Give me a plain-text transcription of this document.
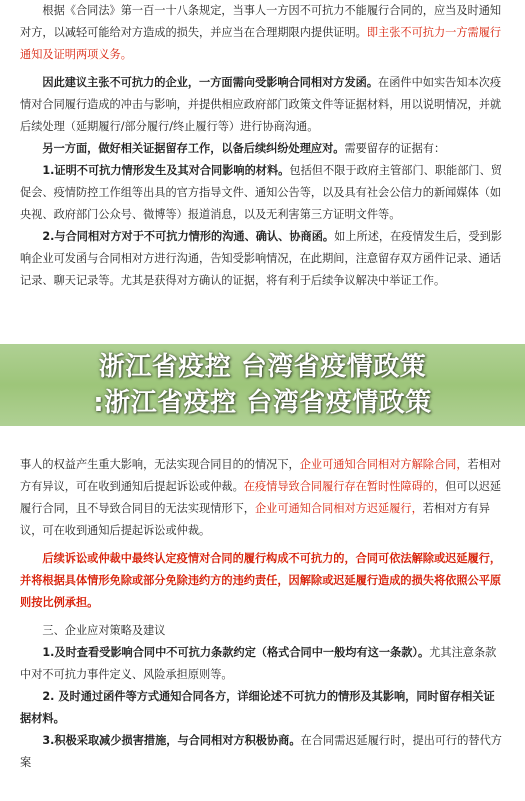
根据《合同法》第一百一十八条规定，当事人一方因不可抗力不能履行合同的，应当及时通知对方，以减轻可能给对方造成的损失，并应当在合理期限内提供证明。即主张不可抗力一方需履行通知及证明两项义务。

因此建议主张不可抗力的企业，一方面需向受影响合同相对方发函。在函件中如实告知本次疫情对合同履行造成的冲击与影响，并提供相应政府部门政策文件等证据材料，用以说明情况，并就后续处理（延期履行/部分履行/终止履行等）进行协商沟通。

另一方面，做好相关证据留存工作，以备后续纠纷处理应对。需要留存的证据有：

1.证明不可抗力情形发生及其对合同影响的材料。包括但不限于政府主管部门、职能部门、贸促会、疫情防控工作组等出具的官方指导文件、通知公告等，以及具有社会公信力的新闻媒体（如央视、政府部门公众号、微博等）报道消息，以及无利害第三方证明文件等。

2.与合同相对方对于不可抗力情形的沟通、确认、协商函。如上所述，在疫情发生后，受到影响企业可发函与合同相对方进行沟通，告知受影响情况，在此期间，注意留存双方函件记录、通话记录、聊天记录等。尤其是获得对方确认的证据，将有利于后续争议解决中举证工作。

事人的权益产生重大影响，无法实现合同目的的情况下，企业可通知合同相对方解除合同，若相对方有异议，可在收到通知后提起诉讼或仲裁。在疫情导致合同履行存在暂时性障碍的，但可以迟延履行合同，且不导致合同目的无法实现情形下，企业可通知合同相对方迟延履行，若相对方有异议，可在收到通知后提起诉讼或仲裁。

后续诉讼或仲裁中最终认定疫情对合同的履行构成不可抗力的，合同可依法解除或迟延履行，并将根据具体情形免除或部分免除违约方的违约责任，因解除或迟延履行造成的损失将依照公平原则按比例承担。

三、企业应对策略及建议

1.及时查看受影响合同中不可抗力条款约定（格式合同中一般均有这一条款）。尤其注意条款中对不可抗力事件定义、风险承担原则等。

2. 及时通过函件等方式通知合同各方，详细论述不可抗力的情形及其影响，同时留存相关证据材料。

3.积极采取减少损害措施，与合同相对方积极协商。在合同需迟延履行时，提出可行的替代方案

浙江省疫控 台湾省疫情政策
:浙江省疫控 台湾省疫情政策
